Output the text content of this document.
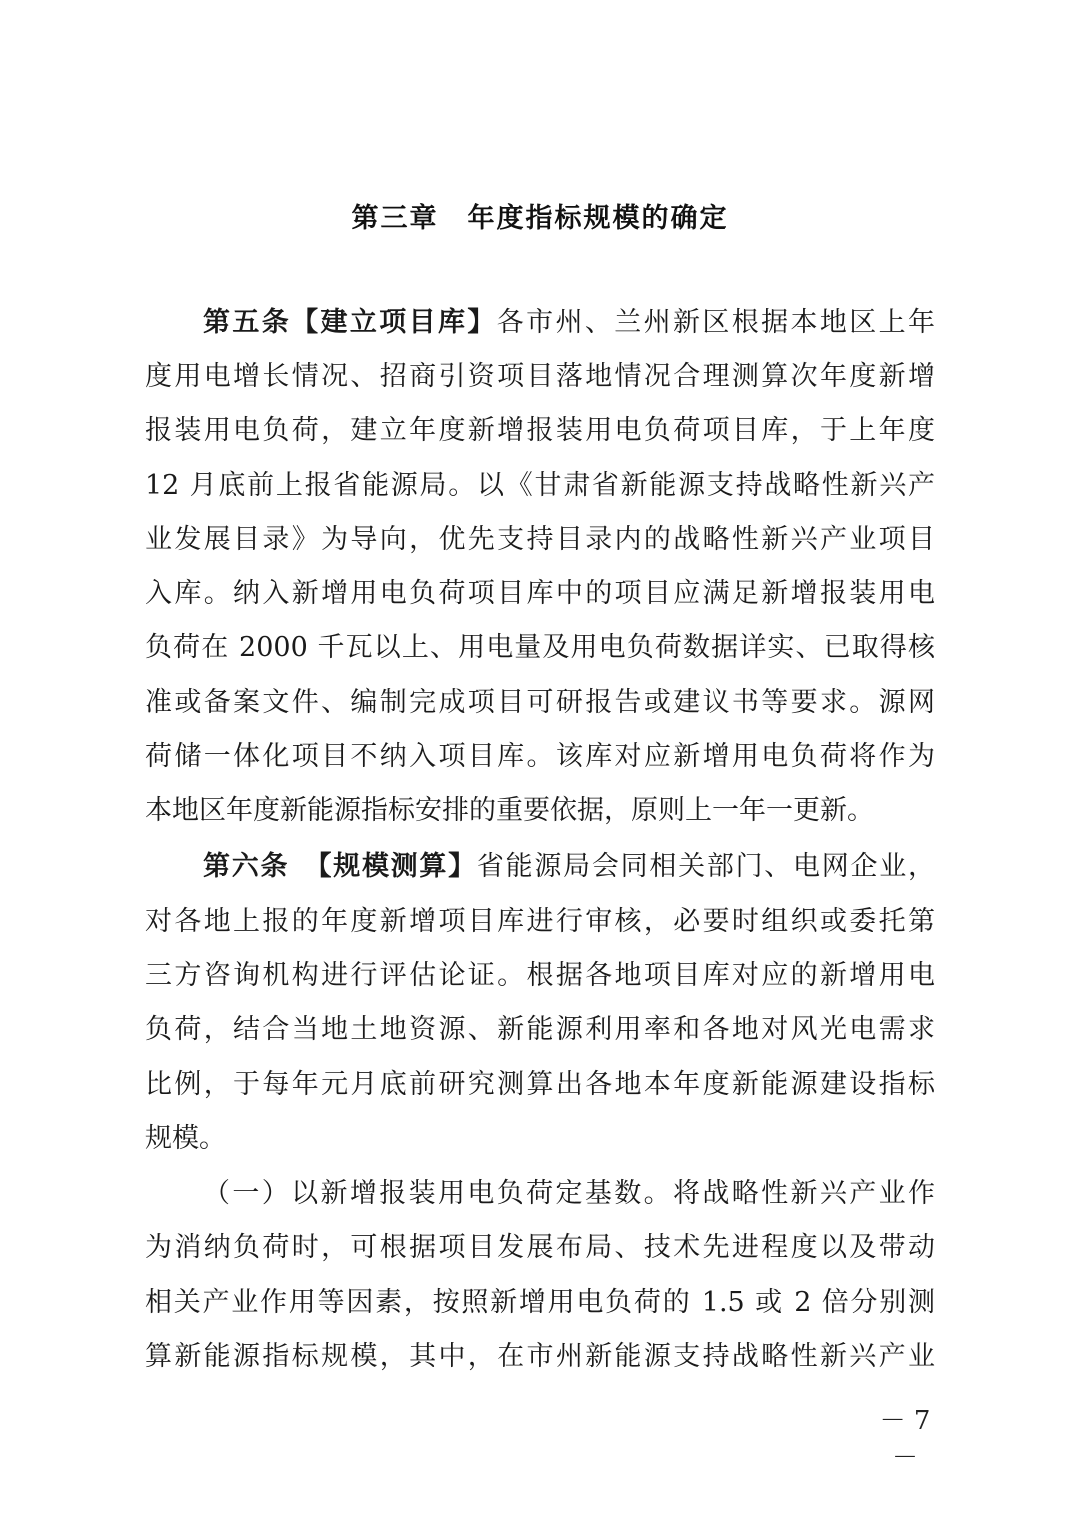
第三章　年度指标规模的确定
第五条【建立项目库】各市州、兰州新区根据本地区上年
度用电增长情况、招商引资项目落地情况合理测算次年度新增
报装用电负荷，建立年度新增报装用电负荷项目库，于上年度
12 月底前上报省能源局。以《甘肃省新能源支持战略性新兴产
业发展目录》为导向，优先支持目录内的战略性新兴产业项目
入库。纳入新增用电负荷项目库中的项目应满足新增报装用电
负荷在 2000 千瓦以上、用电量及用电负荷数据详实、已取得核
准或备案文件、编制完成项目可研报告或建议书等要求。源网
荷储一体化项目不纳入项目库。该库对应新增用电负荷将作为
本地区年度新能源指标安排的重要依据，原则上一年一更新。
第六条　【规模测算】省能源局会同相关部门、电网企业，
对各地上报的年度新增项目库进行审核，必要时组织或委托第
三方咨询机构进行评估论证。根据各地项目库对应的新增用电
负荷，结合当地土地资源、新能源利用率和各地对风光电需求
比例，于每年元月底前研究测算出各地本年度新能源建设指标
规模。
（一）以新增报装用电负荷定基数。将战略性新兴产业作
为消纳负荷时，可根据项目发展布局、技术先进程度以及带动
相关产业作用等因素，按照新增用电负荷的 1.5 或 2 倍分别测
算新能源指标规模，其中，在市州新能源支持战略性新兴产业
－ 7 －
